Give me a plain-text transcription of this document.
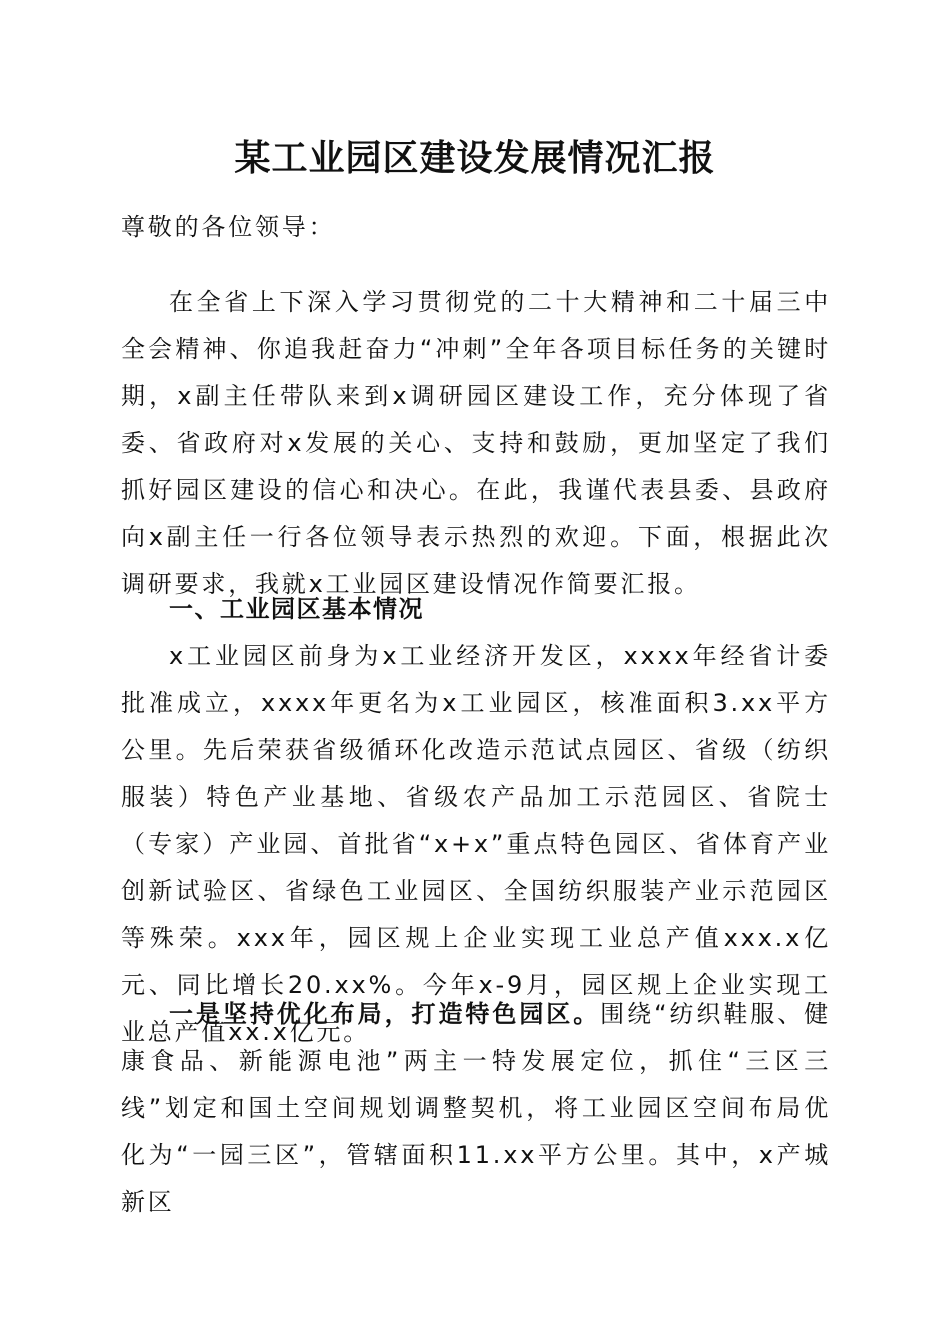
某工业园区建设发展情况汇报
尊敬的各位领导：
在全省上下深入学习贯彻党的二十大精神和二十届三中全会精神、你追我赶奋力“冲刺”全年各项目标任务的关键时期，x副主任带队来到x调研园区建设工作，充分体现了省委、省政府对x发展的关心、支持和鼓励，更加坚定了我们抓好园区建设的信心和决心。在此，我谨代表县委、县政府向x副主任一行各位领导表示热烈的欢迎。下面，根据此次调研要求，我就x工业园区建设情况作简要汇报。
一、工业园区基本情况
x工业园区前身为x工业经济开发区，xxxx年经省计委批准成立，xxxx年更名为x工业园区，核准面积3.xx平方公里。先后荣获省级循环化改造示范试点园区、省级（纺织服装）特色产业基地、省级农产品加工示范园区、省院士（专家）产业园、首批省“x+x”重点特色园区、省体育产业创新试验区、省绿色工业园区、全国纺织服装产业示范园区等殊荣。xxx年，园区规上企业实现工业总产值xxx.x亿元、同比增长20.xx%。今年x-9月，园区规上企业实现工业总产值xx.x亿元。
一是坚持优化布局，打造特色园区。围绕“纺织鞋服、健康食品、新能源电池”两主一特发展定位，抓住“三区三线”划定和国土空间规划调整契机，将工业园区空间布局优化为“一园三区”，管辖面积11.xx平方公里。其中，x产城新区
